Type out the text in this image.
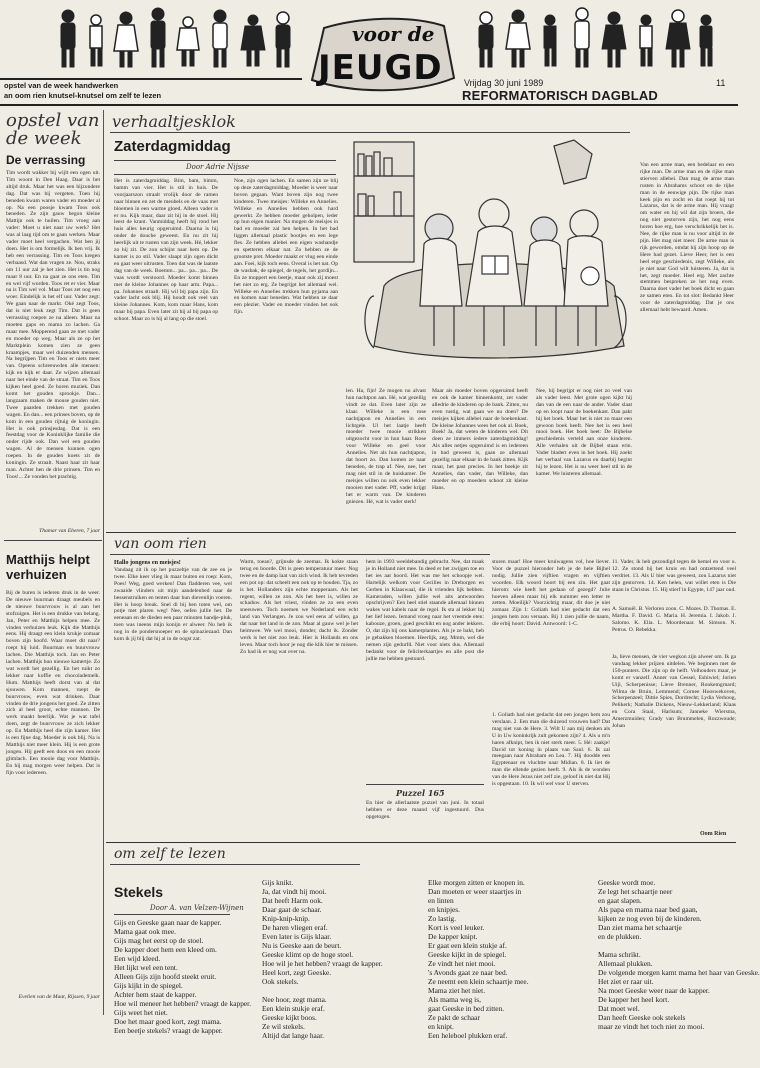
voor de
JEUGD
opstel van de week handwerken
an oom rien knutsel-knutsel om zelf te lezen
Vrijdag 30 juni 1989	11
REFORMATORISCH DAGBLAD
opstel van de week
De verrassing
Tim wordt wakker bij wijlt een ogen uit. Tim woont in Den Haag. Daar is het altijd druk. Maar het was een bijzondere dag. Dat was bij vergeten. Toen hij beneden kwam waren vader en moeder al op. Na een poosje kwam Toos ook beneden. Ze zijn gauw begon kleine Mattijn ook te huilen. Tim vroeg aan vader: Moet u niet naar uw werk? Het was al laag tijd om te gaan werken. Maar vader moet heel vergachen. Wat ben jij doen. Het is om formelijk. Ik ben vrij. Ik heb een verrassing. Tim en Toos kregen verbaasd. Wat dan vragen ze. Nou, straks om 11 uur zal je het zien. Het is tin nog maar 8 uur. En na gaat ze ons eten. Tim en wel vijf worden. Toos ret er vier. Maar na is Tim wel vol. Maar Toos zet nog een woer. Eindelijk is het elf uur. Vader zegt: We gaan naar de markt. Oké zegt Toos, dat is niet leuk zegt Tim. Dat is geen verrassing roepen ze na alleen. Maar na moeten gaps en mama zo lachen. Ga maar mee. Mopperend gaan ze met vader en moeder op weg. Maar als ze op het Marktplein komen zien ze geen kraampjes, maar wel duizenden mensen. Na begrijpen Tim en Toos er niets meer van. Opeens schreeuwden alle mensen: kijk en kijk er daar. Ze wijzen allemaal naar het einde van de straat. Tim en Toos kijken heel goed. Ze horen muziek. Dan komt het gouden sprookje. Dan... langzaam maken de mouse gouden niet. Twee paarden trekken met gouden wagen. En dan... een prinses boven, op de kom in een gouden rijtuig de koningin. Het is ook prinsjesdag. Dat is een feestdag voor de Koninklijke familie die onder rijde ook. Dan wel een gouden wagen. Al de mensen kunnen ogen roepen. In de gouden koets zit de koningin. Ze straalt. Naast haar zit haar man. Achter hen de drie prinsen. Tim en Toos!... Ze vonden het prachtig.
Thamar van Eberen, 7 jaar
Matthijs helpt verhuizen
Bij de buren is iederen druk in de weer. De nieuwe buurman draagt meubels en de nieuwe buurvrouw is al aan het stofzuigen. Het is een drukke van belang. Jan, Peter en Matthijs helpen mee. Ze vinden verhuizen leuk. Kijk die Matthijs eens. Hij draagt een klein krukje zomaar boven zijn hoofd. Waar moet dit naar? roept hij luid. Buurman en buurvrouw lachen. Die Matthijs toch. Jan en Peter lachen. Matthijs hun nieuwe kamertje. Zo wat wordt het gezellig. En het ruikt zo lekker naar koffie en chocolademelk. Hum. Matthijs heeft dorst van al dat sjouwen. Kom mannen, roept de buurvrouw, even wat drinken. Daar vinden de drie jongens het goed. Ze zitten zich al heel groot, echte mannen. De werk maakt heerlijk. Wat je wat tafel doen, zegt de buurvrouw ze zich lekker op. En Matthijs heel die zijn kamer. Het is een fijne dag. Moeder is ook blij. Na is Matthijs niet meer klein. Hij is een grote jongen. Hij geeft een doos en een mooie glimlach. Een mooie dag voor Matthijs. En hij mag morgen weer helpen. Dat is fijn voor iedereen.
Evelien van de Maat, Rijssen, 9 jaar
verhaaltjesklok
Zaterdagmiddag
Door Adrie Nijsse
Het is zaterdagmiddag. Bim, bam, bimm, bamm van vier. Het is stil in huis. De voorjaarszon straalt vrolijk door de ramen naar binnen en zet de meubels en de vaas met bloemen in een warme gloed. Alleen vader is er nu. Kijk maar, daar zit hij in de stoel. Hij leest de krant. Vanmiddag heeft hij rond het huis alles keurig opgeruimd. Daarna is hij onder de douche geweest. En nu zit hij heerlijk uit te rusten van zijn week. Hé, lekker zo hij zit. De zon schijnt naar hem op. De kamer is zo stil. Vader slaapt zijn ogen dicht en gaat weer uitrusten. Toen dat was de laatste dag van de week. Boemm... pa... pa... pa... De vaas wordt verstoord. Moeder komt binnen met de kleine Johannes op haar arm. Papa... pa. Johannes straalt. Hij wil bij papa zijn. En vader lacht ook blij. Hij houdt ook veel van kleine Johannes. Kom, kom maar Hans, kom maar bij papa. Even later zit hij al bij papa op schoot. Maar zo is hij al lang op die stoel.
Noe, zijn ogen lachen. En samen zijn ze blij op deze zaterdagmiddag. Moeder is weer naar boven gegaan. Want boven zijn nog twee kinderen. Twee meisjes: Willeke en Annelies. Willeke en Annelies hebben ook hard gewerkt. Ze hebben moeder geholpen, ieder op hun eigen manier. Na mogen de meisjes in bad en moeder zal hen helpen. In het bad liggen allemaal plastic bootjes en een lege fles. Ze hebben allebei een eigen washandje en spetteren elkaar nat. Zo hebben ze de grootste pret. Moeder maakt er vlug een einde aan. Foei, kijk toch eens. Overal is het nat. Op de wasbak, de spiegel, de tegels, het gordijn... En ze moppert een beetje, maar ook zij moest het niet zo erg. Ze begrijpt het allemaal wel. Willeke en Annelies trekken hun pyjama aan en komen naar beneden. Wat hebben ze daar een plezier. Vader en moeder vinden het ook fijn.
len. Ha, fijn! Ze mogen nu alvast hun nachtpon aan. Hé, wat gezellig vindt ze dat. Even later zijn ze klaar. Willeke is een rose nachtjapon en Annelies in een lichtgele. Ul het laatje heeft moeder twee mooie strikken uitgezocht voor in hun haar. Rose voor Willeke en geel voor Annelies. Net als hun nachtjapon, dat hoort zo. Dan komen ze naar beneden, de trap af. Nee, nee, het mag niet stil in de huiskamer. De meisjes willen nu ook even lekker mooien met vader. Pff, vader krijgt het er warm van. De kinderen gniezen. Hé, wat is vader sterk!
Maar als moeder boven opgeruimd heeft en ook de kamer binnenkomt, zet vader alledrie de kinderen op de bank. Zitten, nu even rustig, wat gaan we nu doen? De meisjes kijken allebei naar de boekenkast. De kleine Johannes wees het ook al. Boek, Boek! Ja, dat weten de kinderen wel. Dit doen ze immers iedere zaterdagmiddag! Als alles netjes opgeruimd is en iedereen in bad geweest is, gaan ze allemaal gezellig naar elkaar in de bank zitten. Kijk maar, het past precies. In het boekje zit Annelies, dan vader, dan Willeke, dan moeder en op moeders schoot zit kleine Hans.
Nee, hij begrijpt er nog niet zo veel van als vader leest. Met grote ogen kijkt hij dan van de een naar de ander. Vader slaat op en loopt naar de boekenkast. Dan pakt hij het boek. Maar het is niet zo maar een gewoon boek heeft. Nee het is een heel mooi boek. Het boek heet: De Bijbelse geschiedenis verteld aan onze kinderen. Alle verhalen uit de Bijbel staan erin. Vader bladert even in het boek. Hij zoekt het verhaal van Lazarus en daarbij begint hij te lezen. Het is nu weer heel stil in de kamer. We luisteren allemaal.
Van een arme man, een bedelaar en een rijke man. De arme man en de rijke man stierven allebei. Dan mag de arme man rusten in Abrahams schoot en de rijke man in de eeuwige pijn. De rijke man keek pijn en zocht en dat roept hij tot Lazarus, dat is de arme man. Hij vraagt om water en hij wil dat zijn broers, die nog niet gestorven zijn, het nog eens horen hoe erg, hoe verschrikkelijk het is. Nee, de rijke man is nu voor altijd in de pijn. Het mag niet meer. De arme man is rijk geworden, omdat hij zijn hoop op de Here had gezet. Lieve Heer, het is een heel erge geschiedenis, zegt Willeke, als je niet naar God wilt luisteren. Ja, dat is het, zegt moeder. Heel erg. Met zachte stemmen bespreken ze het nog even. Daarna doet vader het boek dicht en gaan ze samen eten. En tot slot: Bedankt Heer voor de zaterdagmiddag. Dat je ons allemaal hebt bewaard. Amen.
van oom rien
Hallo jongens en meisjes!
Vandaag zit ik op het puzzeltje van de zee en je twee. Elke keer vlieg ik maar buiten en roep: Kom, Poes! Weg, goed werken! Dan fladderen vee, wel zwaaide vlinders uit mijn aandelenbed naar de bessenstruiken en tenten daar hun dievenlijn voeren. Het is hoop break. Snel di bij hen toten wel, om potje met plaren weg! Nee, oefen jullie het. De eeneaan en de dieden een paar minuten handje-pluk, toen was ineens mijn konijn er alweer. Nu heb ik nog in de pondersnoeper en de spinaziezaad. Dan kom ik jij blij dat hij al in de oogst zat.
Warm, toean?, grijnsde de zeemas. Ik kokte staan terug en boorde. Dit is geen temperatuur meer. Nog twee en de damp laat van zich wind. Ik heb tevreden een pot op: dat scheelt een ook op te houden. Tja, zo is het. Hollanders zijn echte mopperaars. Als het regent, willen ze zon. Als het heet is, willen ze schaduw. Als het vriest, vinden ze zo een even sneeuwen. Toch noemen we Nederland een echt land van Verlangen. Je zou wel eens af willen, ga dat naar het land in de zon. Maar al gauw wel je het heimwee. We wel mooi, donder, dacht ik. Zonder werk is het niet zoo leuk. Hier is Hollands en ons leven. Maar toch hoor je nog die klik hier te missen. Zo had ik er nog wat over na.
hem in 1993 weeldebandig gebracht. Nee, dat maak je in Holland niet mee. In deed er het zwijgen toe en het ies aat hoord. Het was me het schoopje wel. Hartelijk welkom voor Cecilies in Dreborgen en Gerben in Klaaswaal, die ik vrienden lijk hebben. Kameraden, willen jullie wel aits antwoorden opschrijven? Een heel stiel staande allemaal binnen wakes wat kabels naar de regel. Ik sta al lekker bij het lief lezen. Iemand vroeg naar het vreemde eten: kabouze, groen, goed geschikt en nog ander lekkers. O, dat zijn bij ons kamerplanten. Als je ze bakt, heb je gebakken bloemen. Heerlijk, zeg. Mmm, wel die nemen zijn gedurfd. Niet voor niets dus. Allemaal bedankt voor de feliciterkaartjes en alle post die jullie me hebben gestuurd.
sturen maar! Hoe meer kruiwagens vol, hoe liever. Voor de puzzel hieronder heb je de hele Bijbel nodig. Jullie zien vijftien vragen en vijftien woorden. Elk woord hoort bij een zin. Het gaat hierom: wie heeft het gedaan of gezegd? Julie hoeven alleen maar bij elk nummer een letter te zetten. Moeilijk? Voorzichtig maar, dit doe je niet zomaar. Zijn 1: Goliath had niet gedacht dat een jongen hem zou versaan. Bij 1 zien jullie de naam, die erbij hoort: David. Antwoord: 1-C.
1. Goliath had niet gedacht dat een jongen hem zou verslaan. 2. Een man die duizend vrouwen had? Dat mag niet van de Here. 3. Wilt U aan mij denken als U in Uw koninkrijk zult gekomen zijn? 4. Als u m'n haren afknipt, ben ik niet sterk meer. 5. Hé: zaakje! David tot koning in plaats van Saul. 6. Ik zal meegaan naar Abraham en Lea. 7. Hij doodde een Egyptenaar en vluchtte naar Midian. 8. Ik liet de man die ellende gezien heeft. 9. Als ik de wonden van de Here Jezus niet zelf zie, geloof ik niet dat Hij is opgestaan. 10. Ik wil wel voor U sterven.
Puzzel 165
En hier de allerlaatste puzzel van juni. In totaal hebben er deze maand vijf ingestuurd. Dus opgetogen.
11. Vader, ik heb gezondigd tegen de hemel en voor u. 12. Ze stond bij het kruis en had ontzettend veel verdriet. 13. Als U hier was geweest, zou Lazarus niet zijn gestorven. 14. Ken helen, wat willet eten is Die staan in Christus. 15. Hij stierf in Egypte, 147 jaar oud.
A. Samuël. B. Verloren zoon. C. Mozes. D. Thomas. E. Martha. F. David. G. Maria. H. Jeremia. I. Jakob. J. Salomo. K. Elia. L. Moordenaar. M. Simson. N. Petrus. O. Rebekka.
Ja, lieve mensen, de vier wegkon zijn alweer om. Ik ga vandaag lekker prijzen uitdelen. We beginnen met de 150-punters. Die zijn op de helft. Volhouders maar, je komt er vanzelf. Anner van Gessel, Eshiwiel; Jorien Uijl, Scherpenisse; Lieve Brenner, Ronkemgrnard; Wilma de Bruin, Lemmend; Cornee Hooswekoven, Scherpenzeel; Dittie Spies, Dordrecht; Lydia Verhoog, Pelikerk; Nathalie Dickens, Nieuw-Lekkerland; Klaas en Cora Staal, Harlsum; Janneke Wiersma, Amerzmuiden; Grady van Brummelen, Rozzwoude; Johan
Oom Rien
om zelf te lezen
Stekels
Door A. van Velzen-Wijnen
Gijs en Geeske gaan naar de kapper.
Mama gaat ook mee.
Gijs mag het eerst op de stoel.
De kapper doet hem een kleed om.
Een wijd kleed.
Het lijkt wel een tent.
Alleen Gijs zijn hoofd steekt eruit.
Gijs kijkt in de spiegel.
Achter hem staat de kapper.
Hoe wil meneer het hebben? vraagt de kapper.
Gijs weet het niet.
Doe het maar goed kort, zegt mama.
Een beetje stekels? vraagt de kapper.
Gijs knikt.
Ja, dat vindt hij mooi.
Dat heeft Harm ook.
Daar gaat de schaar.
Knip-knip-knip.
De haren vliegen eraf.
Even later is Gijs klaar.
Nu is Geeske aan de beurt.
Geeske klimt op de hoge stoel.
Hoe wil je het hebben? vraagt de kapper.
Heel kort, zegt Geeske.
Ook stekels.
Nee hoor, zegt mama.
Een klein stukje eraf.
Geeske kijkt boos.
Ze wil stekels.
Altijd dat lange haar.
Elke morgen zitten er knopen in.
Dan moeten er weer staartjes in
en linten
en knipjes.
Zo lastig.
Kort is veel leuker.
De kapper knipt.
Er gaat een klein stukje af.
Geeske kijkt in de spiegel.
Ze vindt het niet mooi.
's Avonds gaat ze naar bed.
Ze neemt een klein schaartje mee.
Mama ziet het niet.
Als mama weg is,
gaat Geeske in bed zitten.
Ze pakt de schaar
en knipt.
Een heleboel plukken eraf.
Geeske wordt moe.
Ze legt het schaartje neer
en gaat slapen.
Als papa en mama naar bed gaan,
kijken ze nog even bij de kinderen.
Dan ziet mama het schaartje
en de plukken.
Mama schrikt.
Allemaal plukken.
De volgende morgen kamt mama het haar van Geeske.
Het ziet er raar uit.
Na moet Geeske weer naar de kapper.
De kapper het heel kort.
Dat moet wel.
Dan heeft Geeske ook stekels
maar ze vindt het toch niet zo mooi.
